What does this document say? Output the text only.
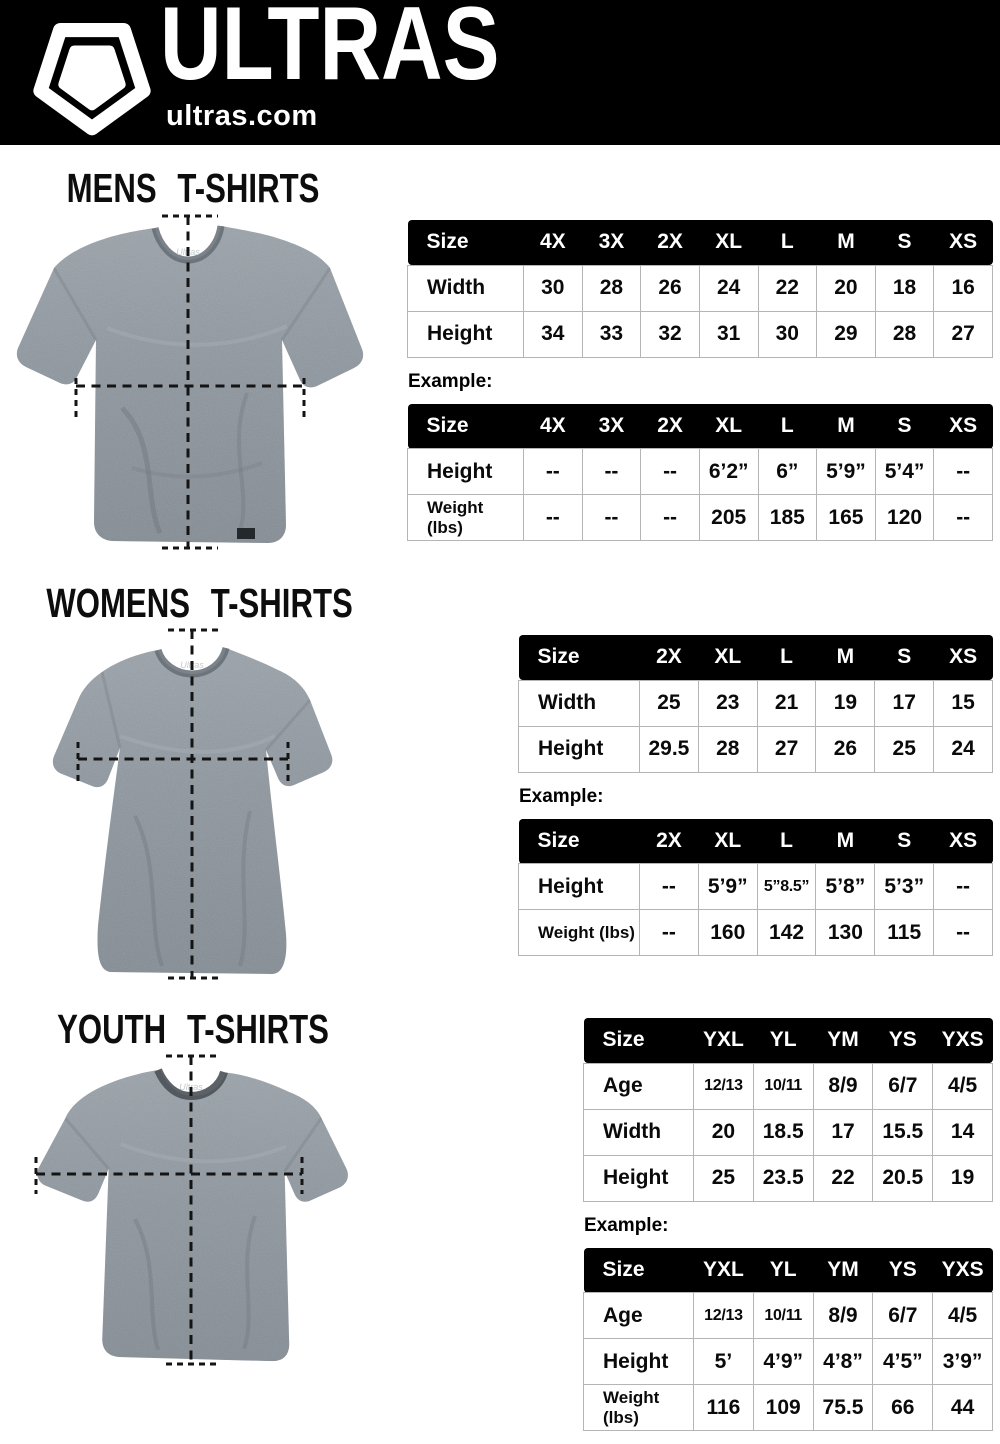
ULTRAS
ultras.com
MENS T-SHIRTS
Ultras	Size	4X	3X	2X	XL	L	M	S	XS
Width	30	28	26	24	22	20	18	16
Height	34	33	32	31	30	29	28	27
Example:
Size	4X	3X	2X	XL	L	M	S	XS
Height	--	--	--	6’2”	6”	5’9”	5’4”	--
Weight (lbs)	--	--	--	205	185	165	120	--
WOMENS T-SHIRTS
Ultras	Size	2X	XL	L	M	S	XS
Width	25	23	21	19	17	15
Height	29.5	28	27	26	25	24
Example:
Size	2X	XL	L	M	S	XS
Height	--	5’9”	5”8.5”	5’8”	5’3”	--
Weight (lbs)	--	160	142	130	115	--
YOUTH T-SHIRTS
Ultras
Size	YXL	YL	YM	YS	YXS
Age	12/13	10/11	8/9	6/7	4/5
Width	20	18.5	17	15.5	14
Height	25	23.5	22	20.5	19
Example:
Size	YXL	YL	YM	YS	YXS
Age	12/13	10/11	8/9	6/7	4/5
Height	5’	4’9”	4’8”	4’5”	3’9”
Weight (lbs)	116	109	75.5	66	44
